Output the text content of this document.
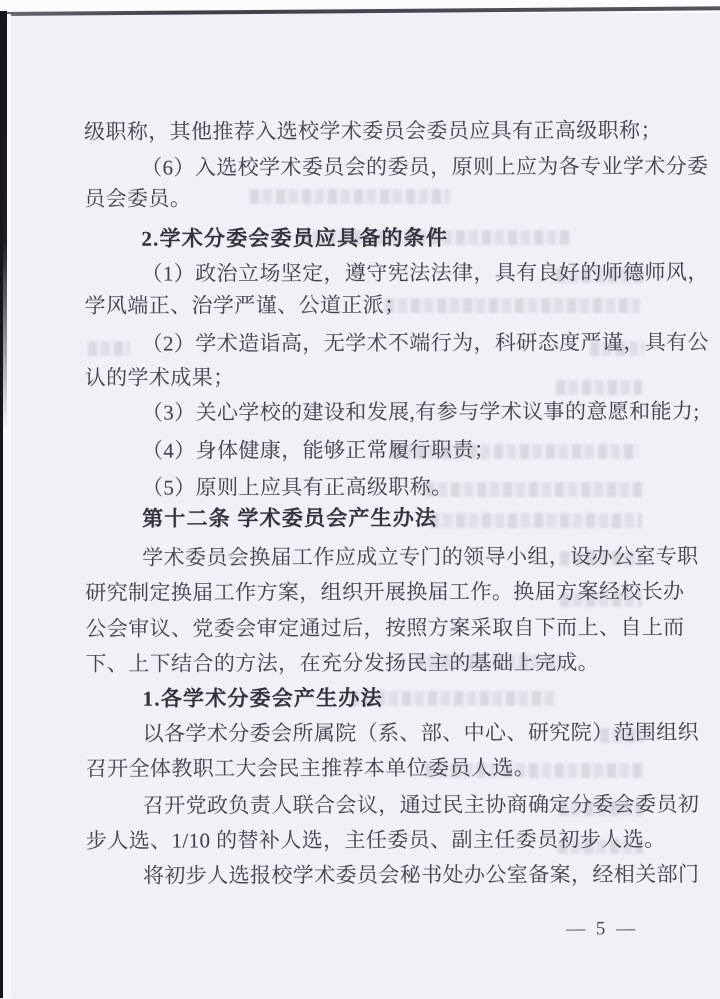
级职称，其他推荐入选校学术委员会委员应具有正高级职称；

（6）入选校学术委员会的委员，原则上应为各专业学术分委

员会委员。

2.学术分委会委员应具备的条件

（1）政治立场坚定，遵守宪法法律，具有良好的师德师风，

学风端正、治学严谨、公道正派；

（2）学术造诣高，无学术不端行为，科研态度严谨，具有公

认的学术成果；

（3）关心学校的建设和发展,有参与学术议事的意愿和能力;

（4）身体健康，能够正常履行职责；

（5）原则上应具有正高级职称。

第十二条 学术委员会产生办法

学术委员会换届工作应成立专门的领导小组，设办公室专职

研究制定换届工作方案，组织开展换届工作。换届方案经校长办

公会审议、党委会审定通过后，按照方案采取自下而上、自上而

下、上下结合的方法，在充分发扬民主的基础上完成。

1.各学术分委会产生办法

以各学术分委会所属院（系、部、中心、研究院）范围组织

召开全体教职工大会民主推荐本单位委员人选。

召开党政负责人联合会议，通过民主协商确定分委会委员初

步人选、1/10 的替补人选，主任委员、副主任委员初步人选。

将初步人选报校学术委员会秘书处办公室备案，经相关部门

— 5 —
